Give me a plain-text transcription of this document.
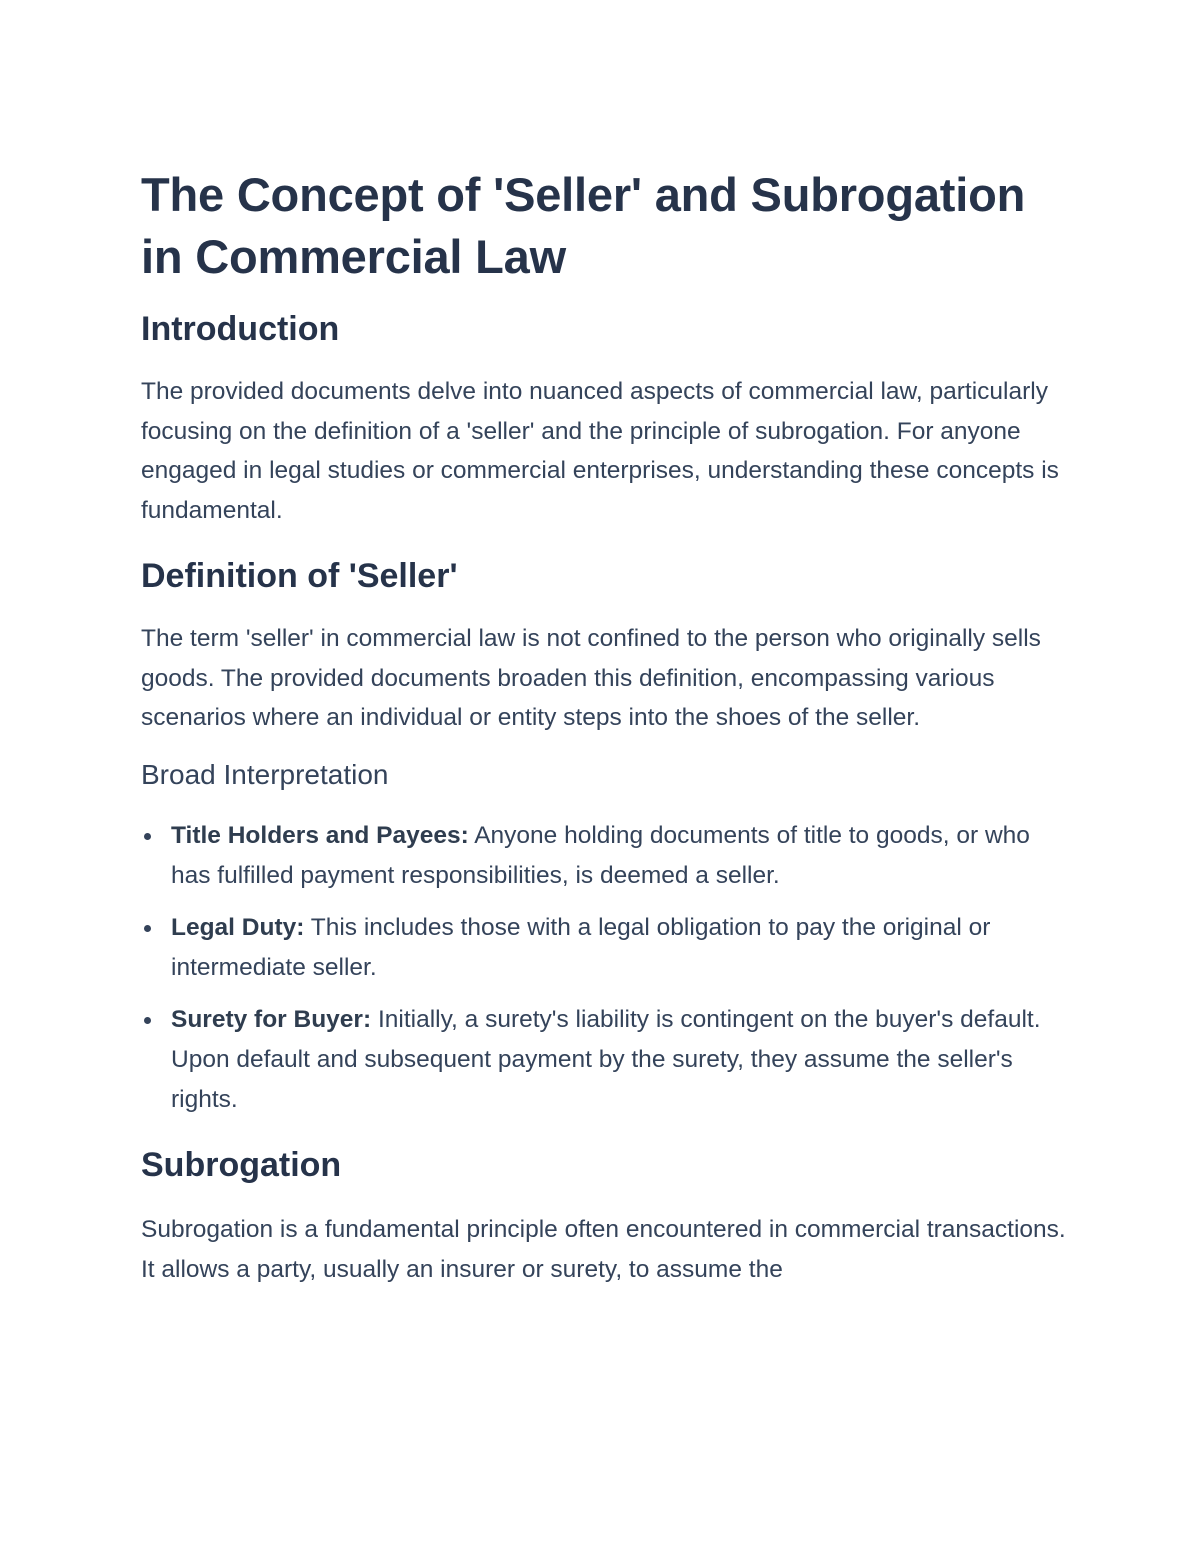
The Concept of 'Seller' and Subrogation in Commercial Law
Introduction

The provided documents delve into nuanced aspects of commercial law, particularly focusing on the definition of a 'seller' and the principle of subrogation. For anyone engaged in legal studies or commercial enterprises, understanding these concepts is fundamental.

Definition of 'Seller'

The term 'seller' in commercial law is not confined to the person who originally sells goods. The provided documents broaden this definition, encompassing various scenarios where an individual or entity steps into the shoes of the seller.

Broad Interpretation
Title Holders and Payees: Anyone holding documents of title to goods, or who has fulfilled payment responsibilities, is deemed a seller.
Legal Duty: This includes those with a legal obligation to pay the original or intermediate seller.
Surety for Buyer: Initially, a surety's liability is contingent on the buyer's default. Upon default and subsequent payment by the surety, they assume the seller's rights.
Subrogation

Subrogation is a fundamental principle often encountered in commercial transactions. It allows a party, usually an insurer or surety, to assume the
